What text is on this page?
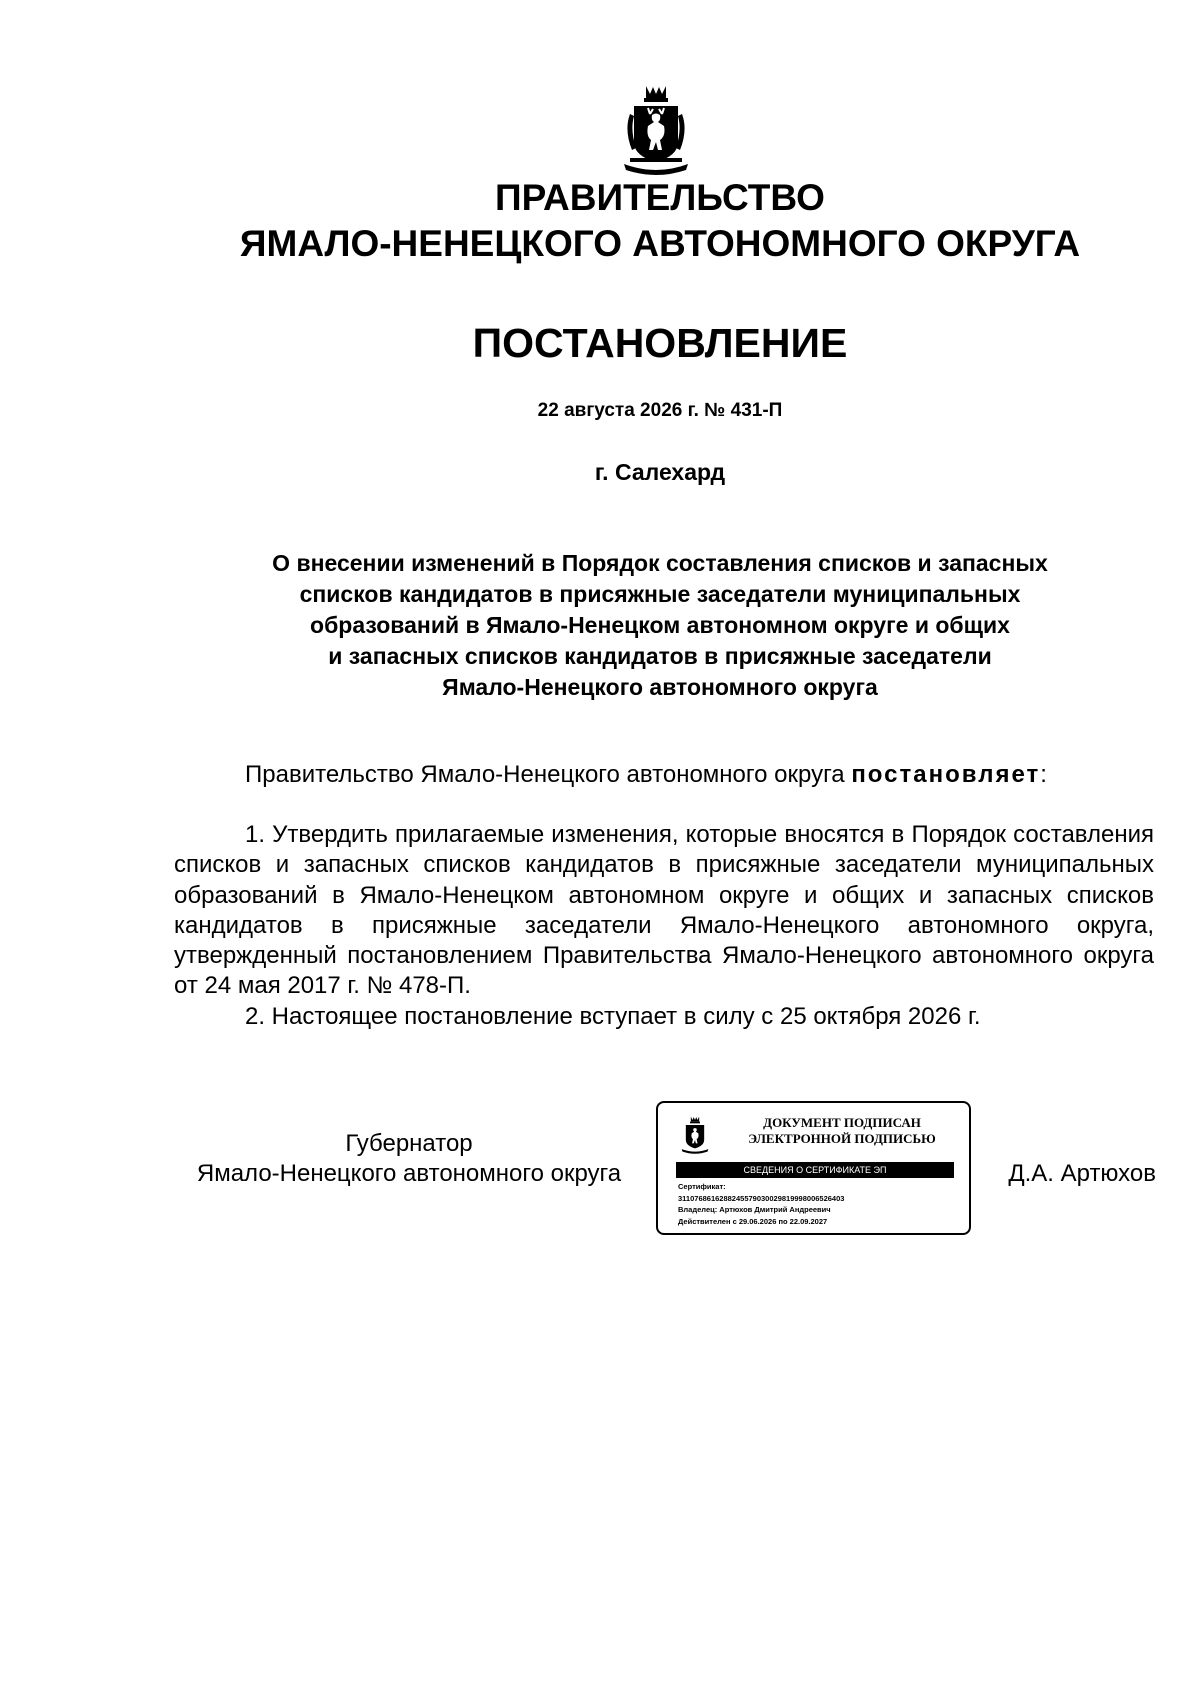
ПРАВИТЕЛЬСТВО
ЯМАЛО-НЕНЕЦКОГО АВТОНОМНОГО ОКРУГА
ПОСТАНОВЛЕНИЕ
22 августа 2026 г. № 431-П
г. Салехард
О внесении изменений в Порядок составления списков и запасных
списков кандидатов в присяжные заседатели муниципальных
образований в Ямало-Ненецком автономном округе и общих
и запасных списков кандидатов в присяжные заседатели
Ямало-Ненецкого автономного округа
Правительство Ямало-Ненецкого автономного округа постановляет:

1. Утвердить прилагаемые изменения, которые вносятся в Порядок составления списков и запасных списков кандидатов в присяжные заседатели муниципальных образований в Ямало-Ненецком автономном округе и общих и запасных списков кандидатов в присяжные заседатели Ямало-Ненецкого автономного округа, утвержденный постановлением Правительства Ямало-Ненецкого автономного округа от 24 мая 2017 г. № 478-П.

2. Настоящее постановление вступает в силу с 25 октября 2026 г.

Губернатор
Ямало-Ненецкого автономного округа
ДОКУМЕНТ ПОДПИСАН
ЭЛЕКТРОННОЙ ПОДПИСЬЮ
СВЕДЕНИЯ О СЕРТИФИКАТЕ ЭП
Сертификат:
3110768616288245579030029819998006526403
Владелец: Артюхов Дмитрий Андреевич
Действителен с 29.06.2026 по 22.09.2027
Д.А. Артюхов
